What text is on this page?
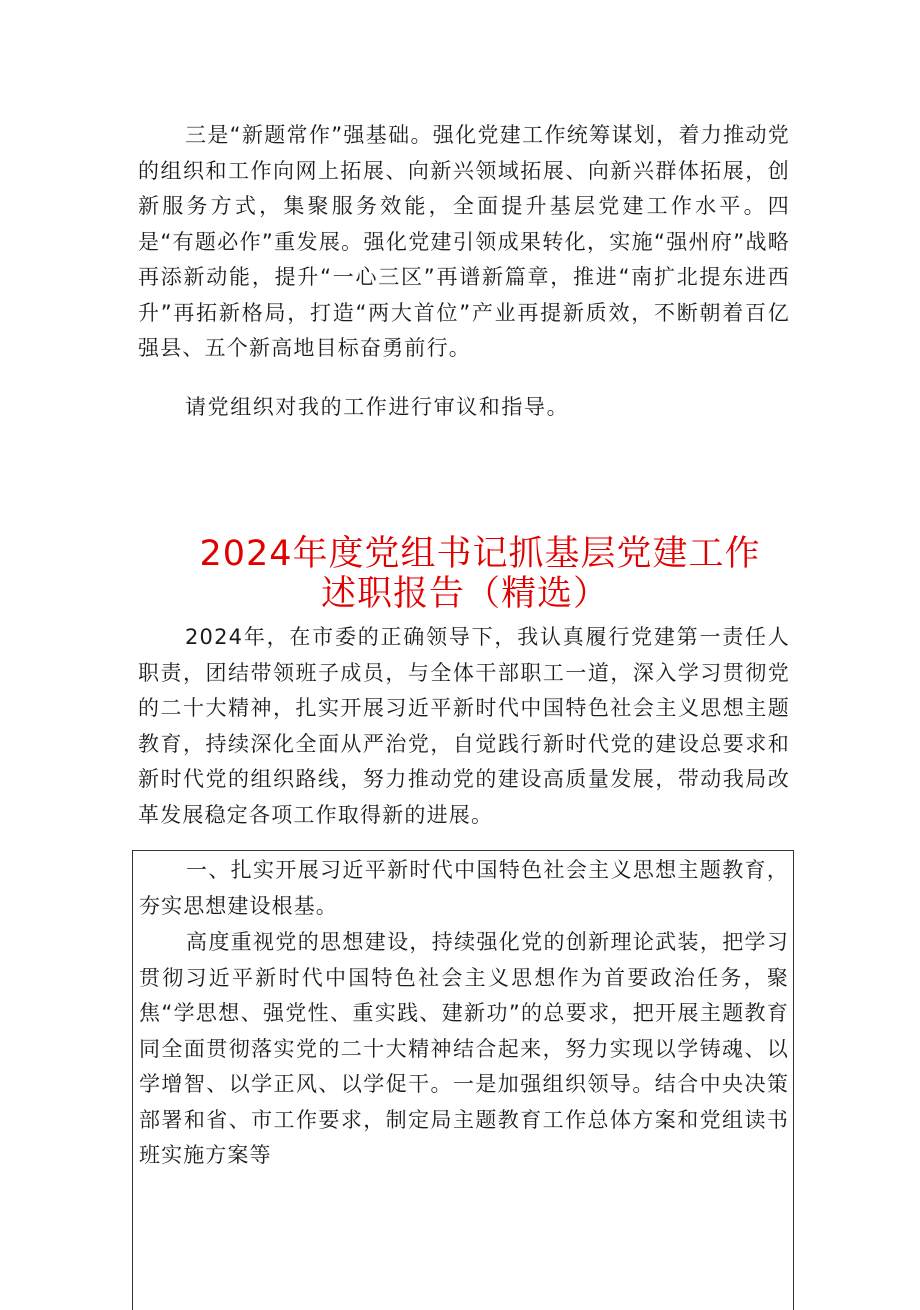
三是“新题常作”强基础。强化党建工作统筹谋划，着力推动党的组织和工作向网上拓展、向新兴领域拓展、向新兴群体拓展，创新服务方式，集聚服务效能，全面提升基层党建工作水平。四是“有题必作”重发展。强化党建引领成果转化，实施“强州府”战略再添新动能，提升“一心三区”再谱新篇章，推进“南扩北提东进西升”再拓新格局，打造“两大首位”产业再提新质效，不断朝着百亿强县、五个新高地目标奋勇前行。

请党组织对我的工作进行审议和指导。

2024年度党组书记抓基层党建工作
述职报告（精选）

2024年，在市委的正确领导下，我认真履行党建第一责任人职责，团结带领班子成员，与全体干部职工一道，深入学习贯彻党的二十大精神，扎实开展习近平新时代中国特色社会主义思想主题教育，持续深化全面从严治党，自觉践行新时代党的建设总要求和新时代党的组织路线，努力推动党的建设高质量发展，带动我局改革发展稳定各项工作取得新的进展。

一、扎实开展习近平新时代中国特色社会主义思想主题教育，夯实思想建设根基。

高度重视党的思想建设，持续强化党的创新理论武装，把学习贯彻习近平新时代中国特色社会主义思想作为首要政治任务，聚焦“学思想、强党性、重实践、建新功”的总要求，把开展主题教育同全面贯彻落实党的二十大精神结合起来，努力实现以学铸魂、以学增智、以学正风、以学促干。一是加强组织领导。结合中央决策部署和省、市工作要求，制定局主题教育工作总体方案和党组读书班实施方案等
